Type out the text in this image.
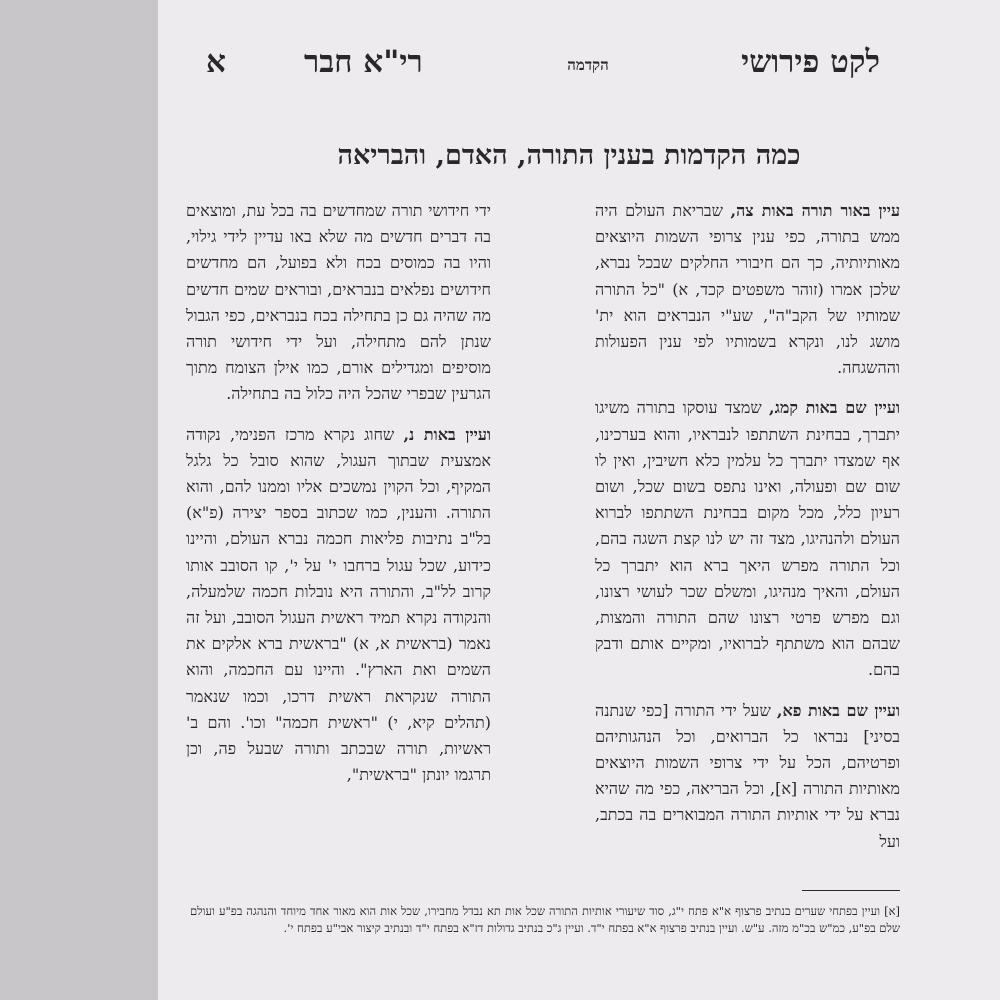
לקט פירושי
הקדמה
רי"א חבר
א
כמה הקדמות בענין התורה, האדם, והבריאה

עיין באור תורה באות צה, שבריאת העולם היה ממש בתורה, כפי ענין צרופי השמות היוצאים מאותיותיה, כך הם חיבורי החלקים שבכל נברא, שלכן אמרו (זוהר משפטים קכד, א) "כל התורה שמותיו של הקב"ה", שע"י הנבראים הוא ית' מושג לנו, ונקרא בשמותיו לפי ענין הפעולות וההשגחה.

ועיין שם באות קמג, שמצד עוסקו בתורה משיגו יתברך, בבחינת השתתפו לנבראיו, והוא בערכינו, אף שמצדו יתברך כל עלמין כלא חשיבין, ואין לו שום שם ופעולה, ואינו נתפס בשום שכל, ושום רעיון כלל, מכל מקום בבחינת השתתפו לברוא העולם ולהנהיגו, מצד זה יש לנו קצת השגה בהם, וכל התורה מפרש היאך ברא הוא יתברך כל העולם, והאיך מנהיגו, ומשלם שכר לעושי רצונו, וגם מפרש פרטי רצונו שהם התורה והמצות, שבהם הוא משתתף לברואיו, ומקיים אותם ודבק בהם.

ועיין שם באות פא, שעל ידי התורה [כפי שנתנה בסיני] נבראו כל הברואים, וכל הנהגותיהם ופרטיהם, הכל על ידי צרופי השמות היוצאים מאותיות התורה [א], וכל הבריאה, כפי מה שהיא נברא על ידי אותיות התורה המבוארים בה בכתב, ועל

ידי חידושי תורה שמחדשים בה בכל עת, ומוצאים בה דברים חדשים מה שלא באו עדיין לידי גילוי, והיו בה כמוסים בכח ולא בפועל, הם מחדשים חידושים נפלאים בנבראים, ובוראים שמים חדשים מה שהיה גם כן בתחילה בכח בנבראים, כפי הגבול שנתן להם מתחילה, ועל ידי חידושי תורה מוסיפים ומגדילים אורם, כמו אילן הצומח מתוך הגרעין שבפרי שהכל היה כלול בה בתחילה.

ועיין באות נ, שחוג נקרא מרכז הפנימי, נקודה אמצעית שבתוך העגול, שהוא סובל כל גלגל המקיף, וכל הקוין נמשכים אליו וממנו להם, והוא התורה. והענין, כמו שכתוב בספר יצירה (פ"א) בל"ב נתיבות פליאות חכמה נברא העולם, והיינו כידוע, שכל עגול ברחבו י' על י', קו הסובב אותו קרוב לל"ב, והתורה היא נובלות חכמה שלמעלה, והנקודה נקרא תמיד ראשית העגול הסובב, ועל זה נאמר (בראשית א, א) "בראשית ברא אלקים את השמים ואת הארץ". והיינו עם החכמה, והוא התורה שנקראת ראשית דרכו, וכמו שנאמר (תהלים קיא, י) "ראשית חכמה" וכו'. והם ב' ראשיות, תורה שבכתב ותורה שבעל פה, וכן תרגמו יונתן "בראשית",

[א] ועיין בפתחי שערים בנתיב פרצוף א"א פתח י"ג, סוד שיעורי אותיות התורה שכל אות תא נבדל מחבירו, שכל אות הוא מאור אחד מיוחד והנהגה בפ"ע ועולם שלם בפ"ע, כמ"ש בכ"מ מזה. ע"ש. ועיין בנתיב פרצוף א"א בפתח י"ד. ועיין ג"כ בנתיב גדולות דז"א בפתח י"ד ובנתיב קיצור אבי"ע בפתח י'.
